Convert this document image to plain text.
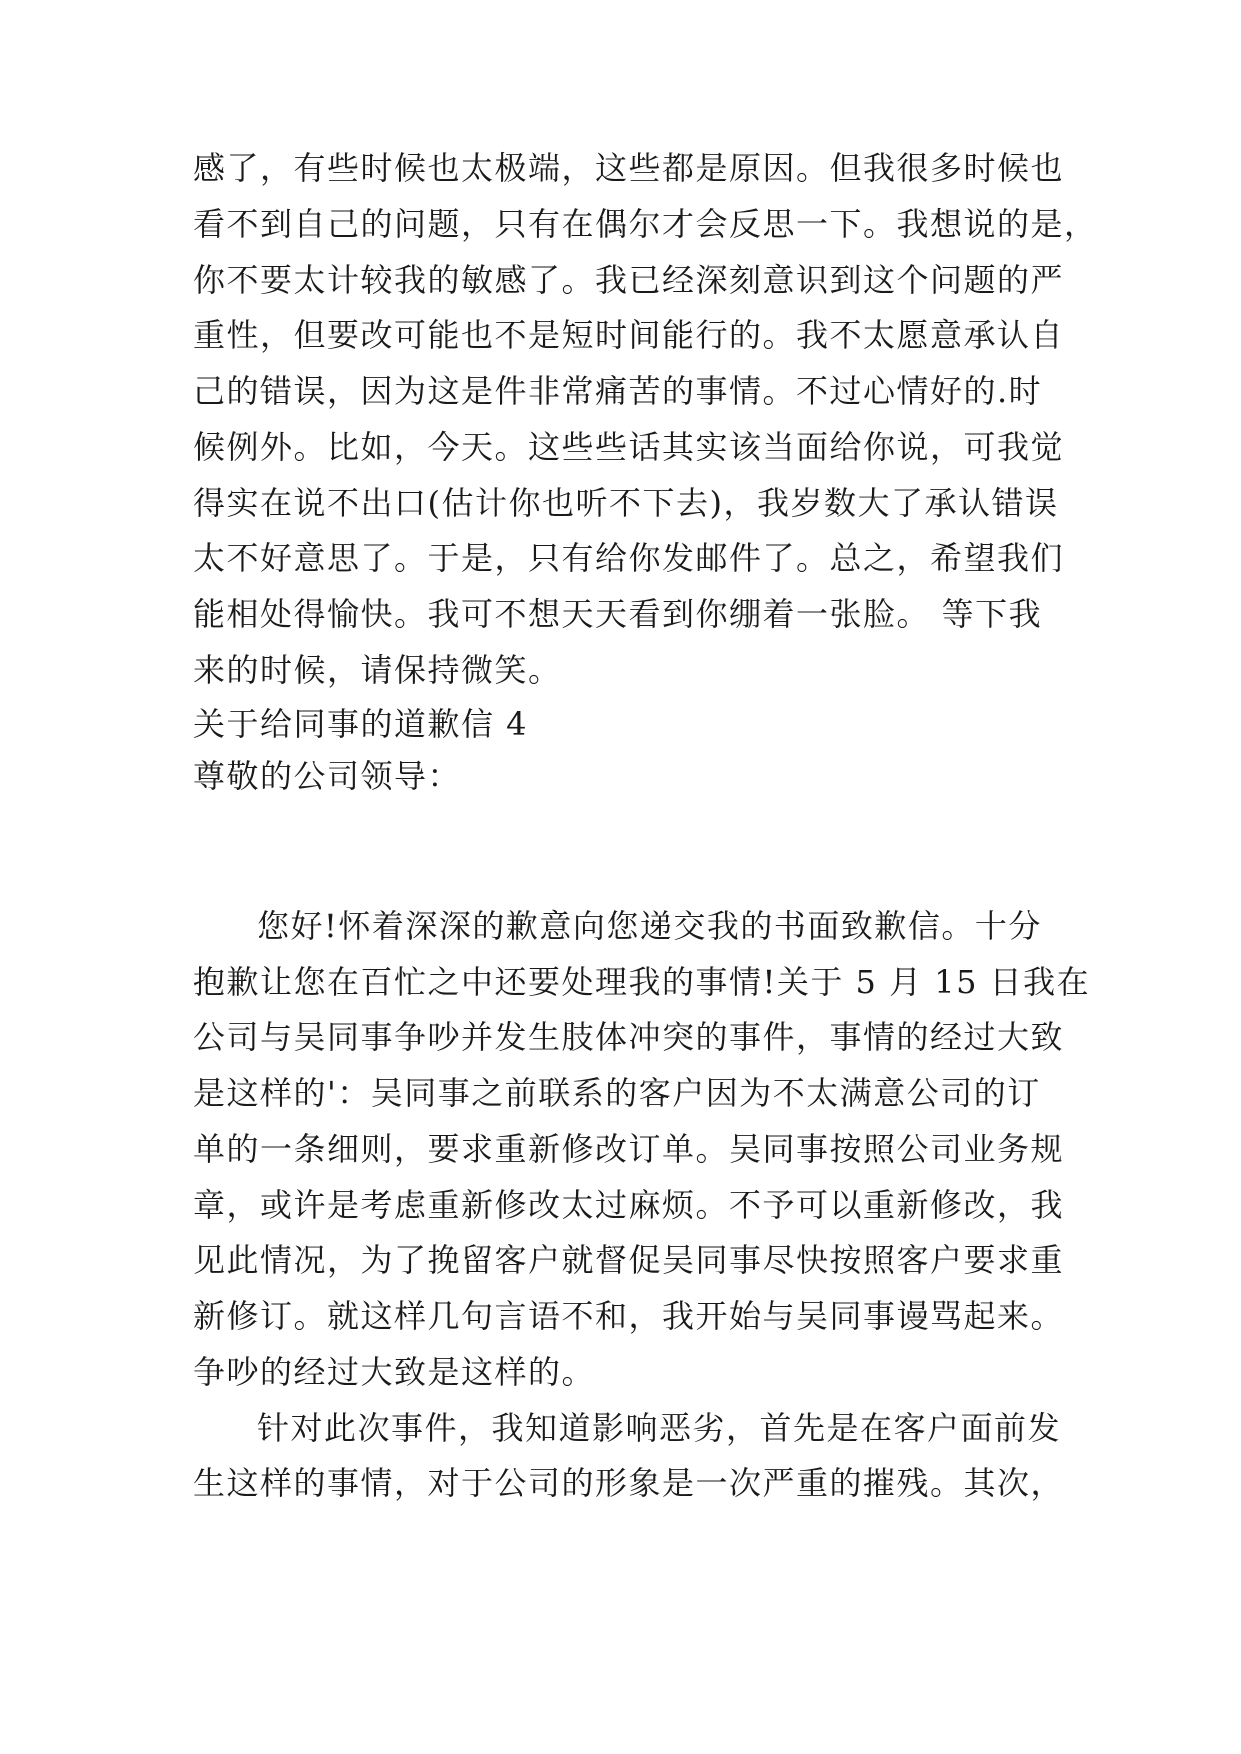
感了，有些时候也太极端，这些都是原因。但我很多时候也
看不到自己的问题，只有在偶尔才会反思一下。我想说的是，
你不要太计较我的敏感了。我已经深刻意识到这个问题的严
重性，但要改可能也不是短时间能行的。我不太愿意承认自
己的错误，因为这是件非常痛苦的事情。不过心情好的.时
候例外。比如，今天。这些些话其实该当面给你说，可我觉
得实在说不出口(估计你也听不下去)，我岁数大了承认错误
太不好意思了。于是，只有给你发邮件了。总之，希望我们
能相处得愉快。我可不想天天看到你绷着一张脸。 等下我
来的时候，请保持微笑。
关于给同事的道歉信 4
尊敬的公司领导：
您好!怀着深深的歉意向您递交我的书面致歉信。十分
抱歉让您在百忙之中还要处理我的事情!关于 5 月 15 日我在
公司与吴同事争吵并发生肢体冲突的事件，事情的经过大致
是这样的'：吴同事之前联系的客户因为不太满意公司的订
单的一条细则，要求重新修改订单。吴同事按照公司业务规
章，或许是考虑重新修改太过麻烦。不予可以重新修改，我
见此情况，为了挽留客户就督促吴同事尽快按照客户要求重
新修订。就这样几句言语不和，我开始与吴同事谩骂起来。
争吵的经过大致是这样的。
针对此次事件，我知道影响恶劣，首先是在客户面前发
生这样的事情，对于公司的形象是一次严重的摧残。其次，
